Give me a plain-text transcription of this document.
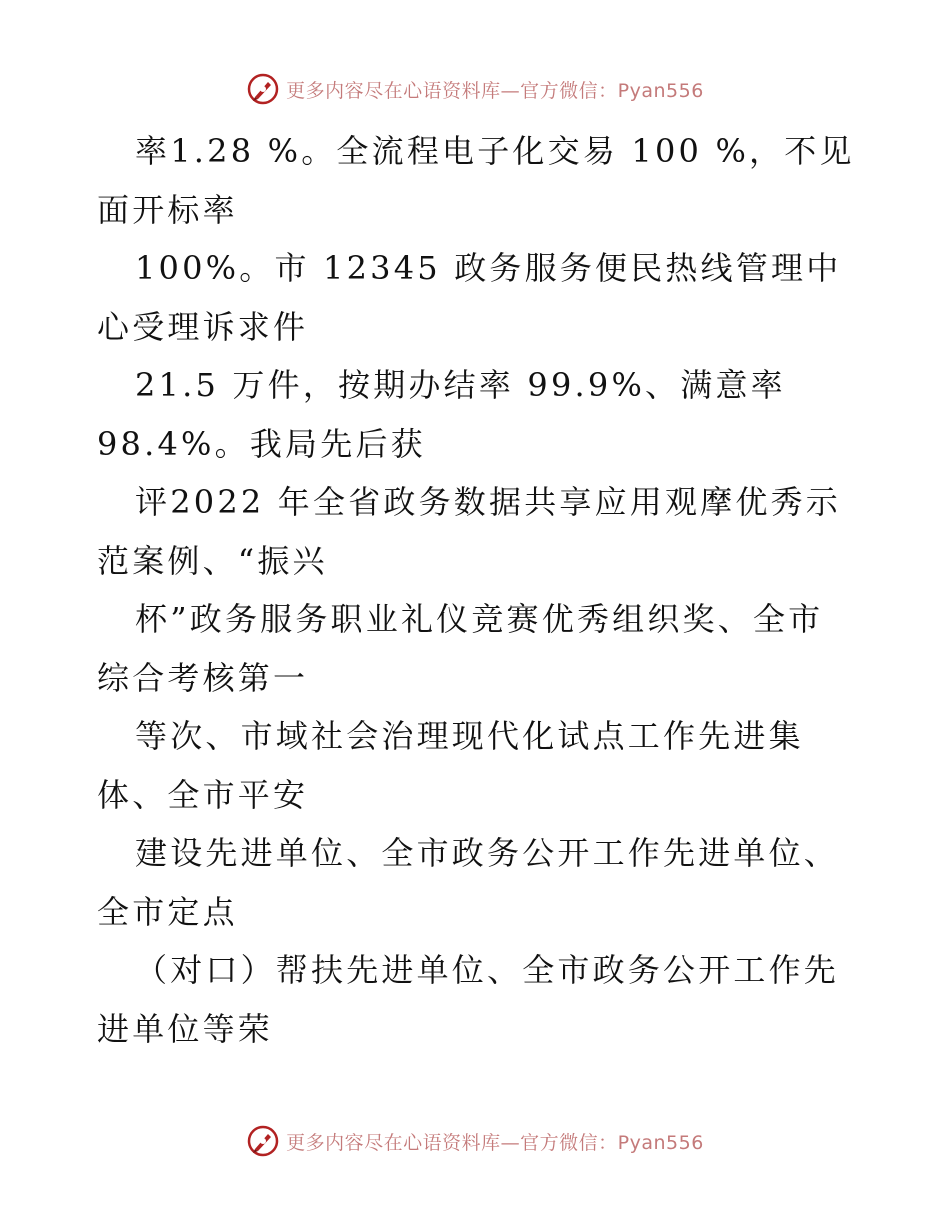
更多内容尽在心语资料库—官方微信：Pyan556

率1.28 %。全流程电子化交易 100 %，不见面开标率

100%。市 12345 政务服务便民热线管理中心受理诉求件

21.5 万件，按期办结率 99.9%、满意率 98.4%。我局先后获

评2022 年全省政务数据共享应用观摩优秀示范案例、“振兴

杯”政务服务职业礼仪竞赛优秀组织奖、全市综合考核第一

等次、市域社会治理现代化试点工作先进集体、全市平安

建设先进单位、全市政务公开工作先进单位、全市定点

（对口）帮扶先进单位、全市政务公开工作先进单位等荣

更多内容尽在心语资料库—官方微信：Pyan556
